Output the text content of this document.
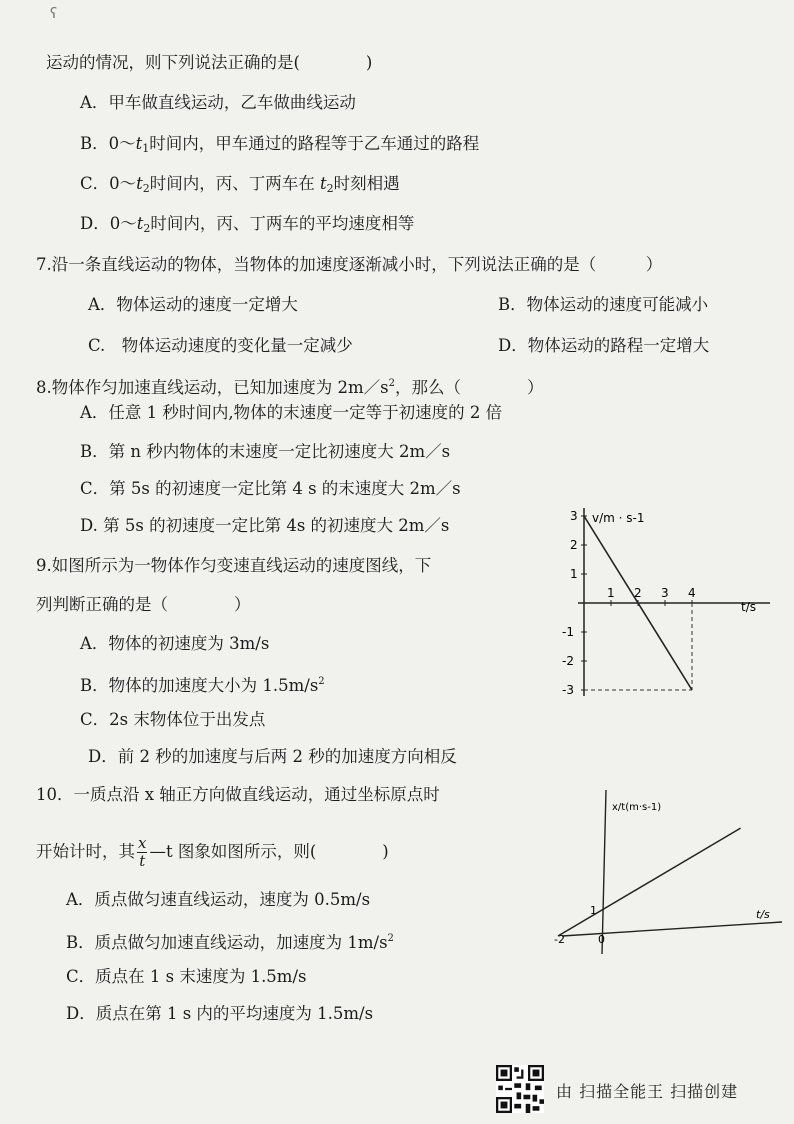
ʕ
运动的情况，则下列说法正确的是(　　　　)
A．甲车做直线运动，乙车做曲线运动
B．$0\sim t_1$时间内，甲车通过的路程等于乙车通过的路程
C．$0\sim t_2$时间内，丙、丁两车在 $t_2$时刻相遇
D．$0\sim t_2$时间内，丙、丁两车的平均速度相等
7.沿一条直线运动的物体，当物体的加速度逐渐减小时，下列说法正确的是（　　　）
A．物体运动的速度一定增大	B．物体运动的速度可能减小
C.　物体运动速度的变化量一定减少	D．物体运动的路程一定增大
8.物体作匀加速直线运动，已知加速度为 $2m/s^2$，那么（　　　　）
A．任意 1 秒时间内,物体的末速度一定等于初速度的 2 倍
B．第 n 秒内物体的末速度一定比初速度大 2m／s
C．第 5s 的初速度一定比第 4 s 的末速度大 2m／s
D. 第 5s 的初速度一定比第 4s 的初速度大 2m／s
9.如图所示为一物体作匀变速直线运动的速度图线，下
列判断正确的是（　　　　）
A．物体的初速度为 3m/s
B．物体的加速度大小为 $1.5m/s^2$
C．2s 末物体位于出发点
D．前 2 秒的加速度与后两 2 秒的加速度方向相反
10．一质点沿 x 轴正方向做直线运动，通过坐标原点时
开始计时，其 $\frac{x}{t}$ —t 图象如图所示，则(　　　　)
A．质点做匀速直线运动，速度为 0.5m/s
B．质点做匀加速直线运动，加速度为 $1m/s^2$
C．质点在 1 s 末速度为 1.5m/s
D．质点在第 1 s 内的平均速度为 1.5m/s
v/m · s-1
t/s
1 2 3 4
3
2
1
-1
-2
-3
x/t(m·s-1)
t/s
-2	0
1
由 扫描全能王 扫描创建
